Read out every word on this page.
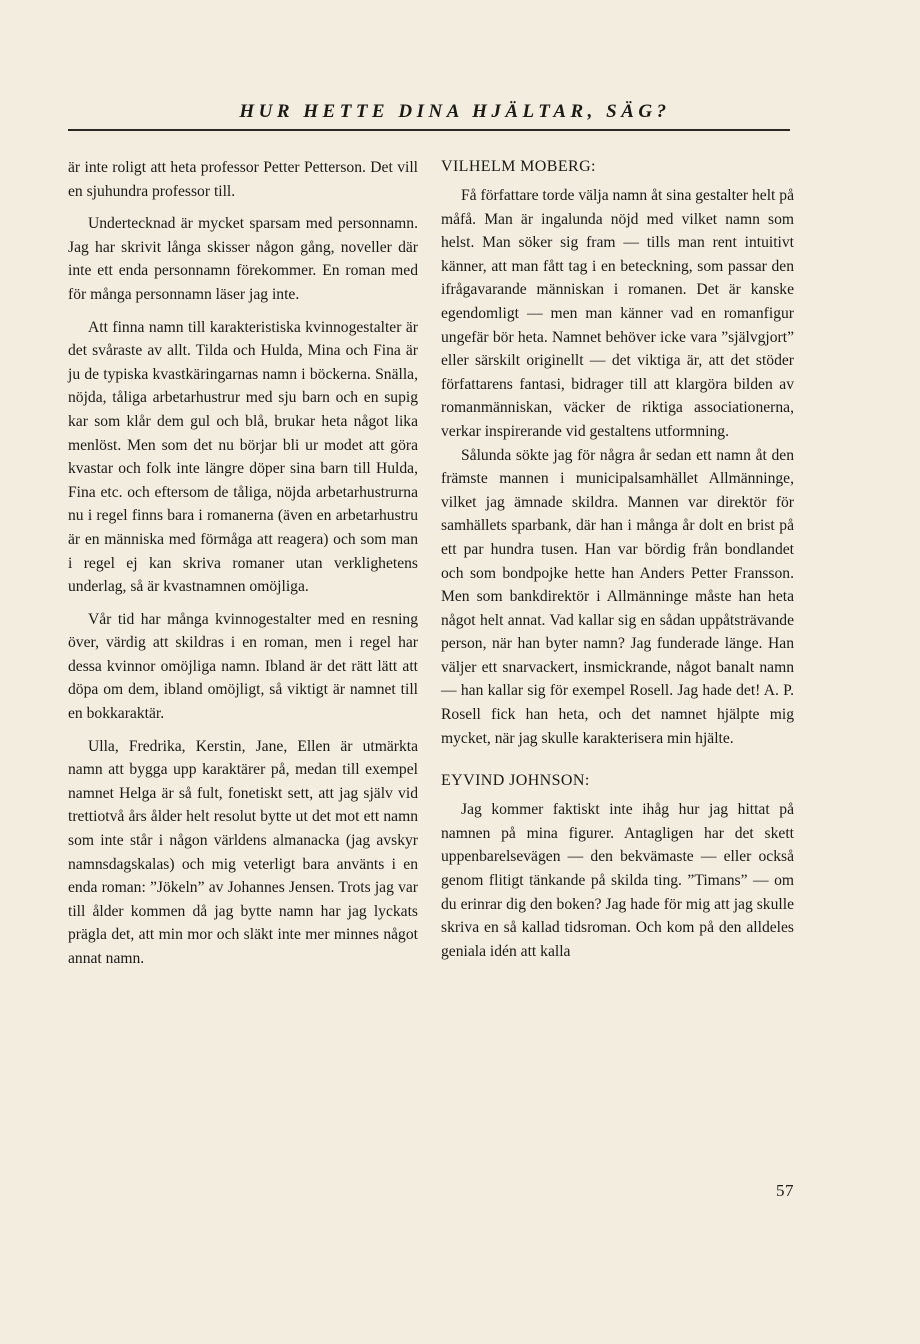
HUR HETTE DINA HJÄLTAR, SÄG?

är inte roligt att heta professor Petter Petterson. Det vill en sjuhundra professor till.

Undertecknad är mycket sparsam med personnamn. Jag har skrivit långa skisser någon gång, noveller där inte ett enda personnamn förekommer. En roman med för många personnamn läser jag inte.

Att finna namn till karakteristiska kvinnogestalter är det svåraste av allt. Tilda och Hulda, Mina och Fina är ju de typiska kvastkäringarnas namn i böckerna. Snälla, nöjda, tåliga arbetarhustrur med sju barn och en supig kar som klår dem gul och blå, brukar heta något lika menlöst. Men som det nu börjar bli ur modet att göra kvastar och folk inte längre döper sina barn till Hulda, Fina etc. och eftersom de tåliga, nöjda arbetarhustrurna nu i regel finns bara i romanerna (även en arbetarhustru är en människa med förmåga att reagera) och som man i regel ej kan skriva romaner utan verklighetens underlag, så är kvastnamnen omöjliga.

Vår tid har många kvinnogestalter med en resning över, värdig att skildras i en roman, men i regel har dessa kvinnor omöjliga namn. Ibland är det rätt lätt att döpa om dem, ibland omöjligt, så viktigt är namnet till en bokkaraktär.

Ulla, Fredrika, Kerstin, Jane, Ellen är utmärkta namn att bygga upp karaktärer på, medan till exempel namnet Helga är så fult, fonetiskt sett, att jag själv vid trettiotvå års ålder helt resolut bytte ut det mot ett namn som inte står i någon världens almanacka (jag avskyr namnsdagskalas) och mig veterligt bara använts i en enda roman: ”Jökeln” av Johannes Jensen. Trots jag var till ålder kommen då jag bytte namn har jag lyckats prägla det, att min mor och släkt inte mer minnes något annat namn.

VILHELM MOBERG:

Få författare torde välja namn åt sina gestalter helt på måfå. Man är ingalunda nöjd med vilket namn som helst. Man söker sig fram — tills man rent intuitivt känner, att man fått tag i en beteckning, som passar den ifrågavarande människan i romanen. Det är kanske egendomligt — men man känner vad en romanfigur ungefär bör heta. Namnet behöver icke vara ”självgjort” eller särskilt originellt — det viktiga är, att det stöder författarens fantasi, bidrager till att klargöra bilden av romanmänniskan, väcker de riktiga associationerna, verkar inspirerande vid gestaltens utformning.

Sålunda sökte jag för några år sedan ett namn åt den främste mannen i municipalsamhället Allmänninge, vilket jag ämnade skildra. Mannen var direktör för samhällets sparbank, där han i många år dolt en brist på ett par hundra tusen. Han var bördig från bondlandet och som bondpojke hette han Anders Petter Fransson. Men som bankdirektör i Allmänninge måste han heta något helt annat. Vad kallar sig en sådan uppåtsträvande person, när han byter namn? Jag funderade länge. Han väljer ett snarvackert, insmickrande, något banalt namn — han kallar sig för exempel Rosell. Jag hade det! A. P. Rosell fick han heta, och det namnet hjälpte mig mycket, när jag skulle karakterisera min hjälte.

EYVIND JOHNSON:

Jag kommer faktiskt inte ihåg hur jag hittat på namnen på mina figurer. Antagligen har det skett uppenbarelsevägen — den bekvämaste — eller också genom flitigt tänkande på skilda ting. ”Timans” — om du erinrar dig den boken? Jag hade för mig att jag skulle skriva en så kallad tidsroman. Och kom på den alldeles geniala idén att kalla

57
